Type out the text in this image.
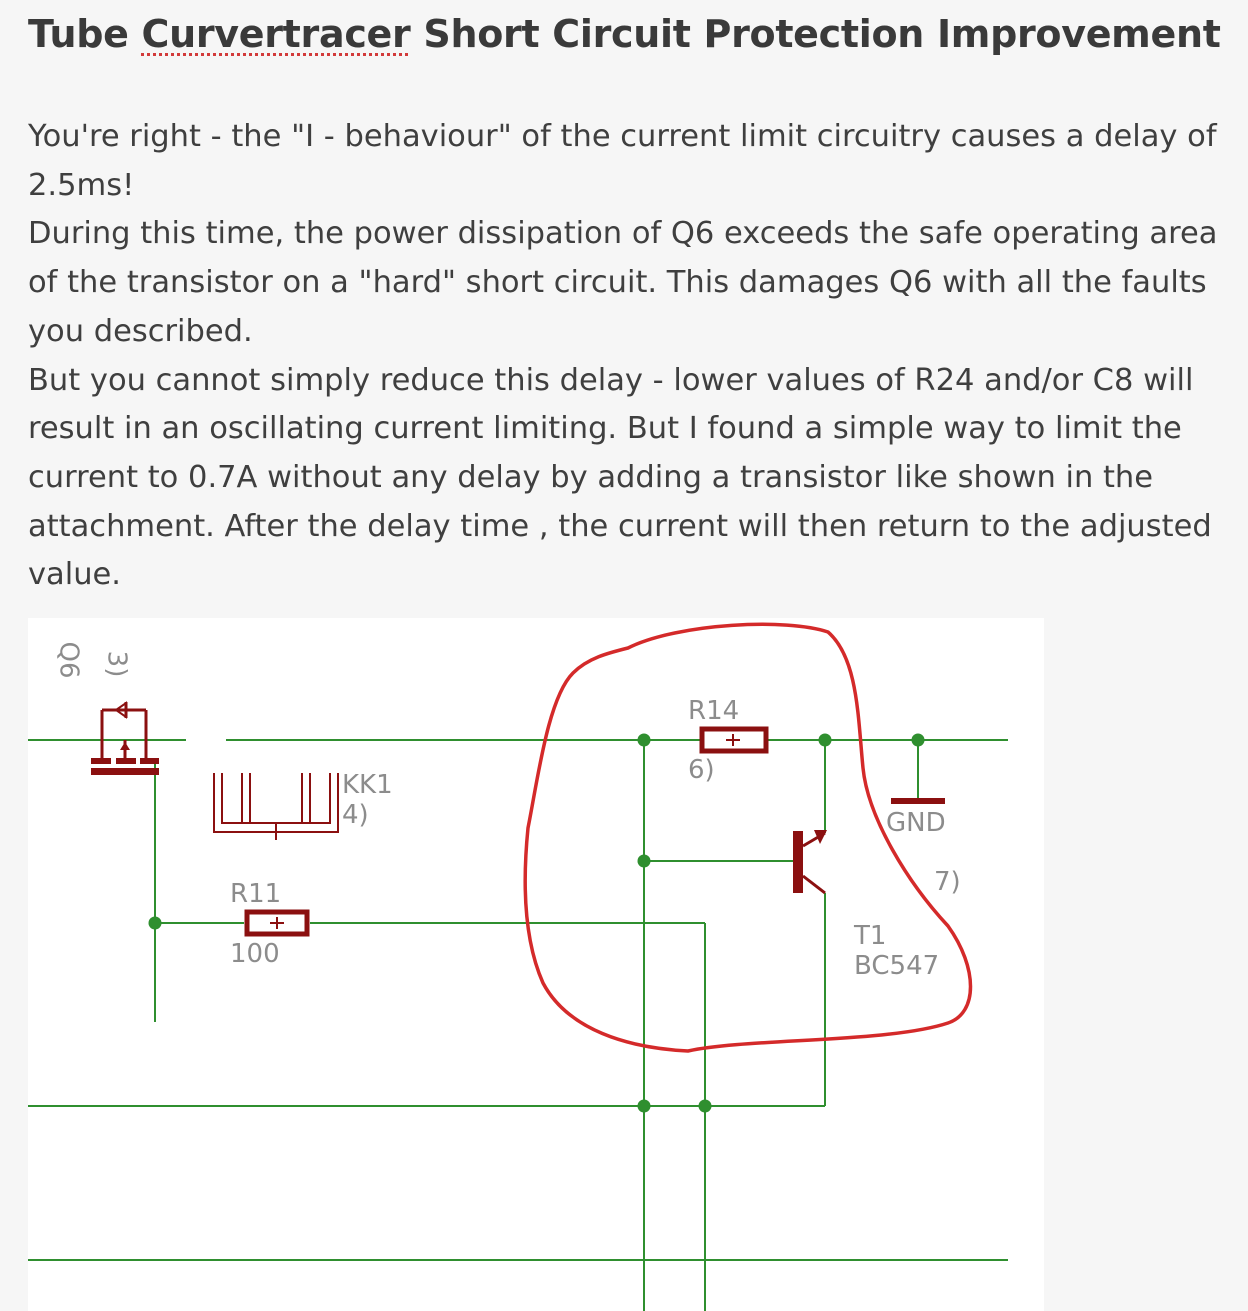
Tube Curvertracer Short Circuit Protection Improvement

You're right - the "I - behaviour" of the current limit circuitry causes a delay of 2.5ms!

During this time, the power dissipation of Q6 exceeds the safe operating area of the transistor on a "hard" short circuit. This damages Q6 with all the faults you described.

But you cannot simply reduce this delay - lower values of R24 and/or C8 will result in an oscillating current limiting. But I found a simple way to limit the current to 0.7A without any delay by adding a transistor like shown in the attachment. After the delay time , the current will then return to the adjusted value.

Q6 3)
KK1
4)
R14
6)
GND
7)
R11
100
T1
BC547
